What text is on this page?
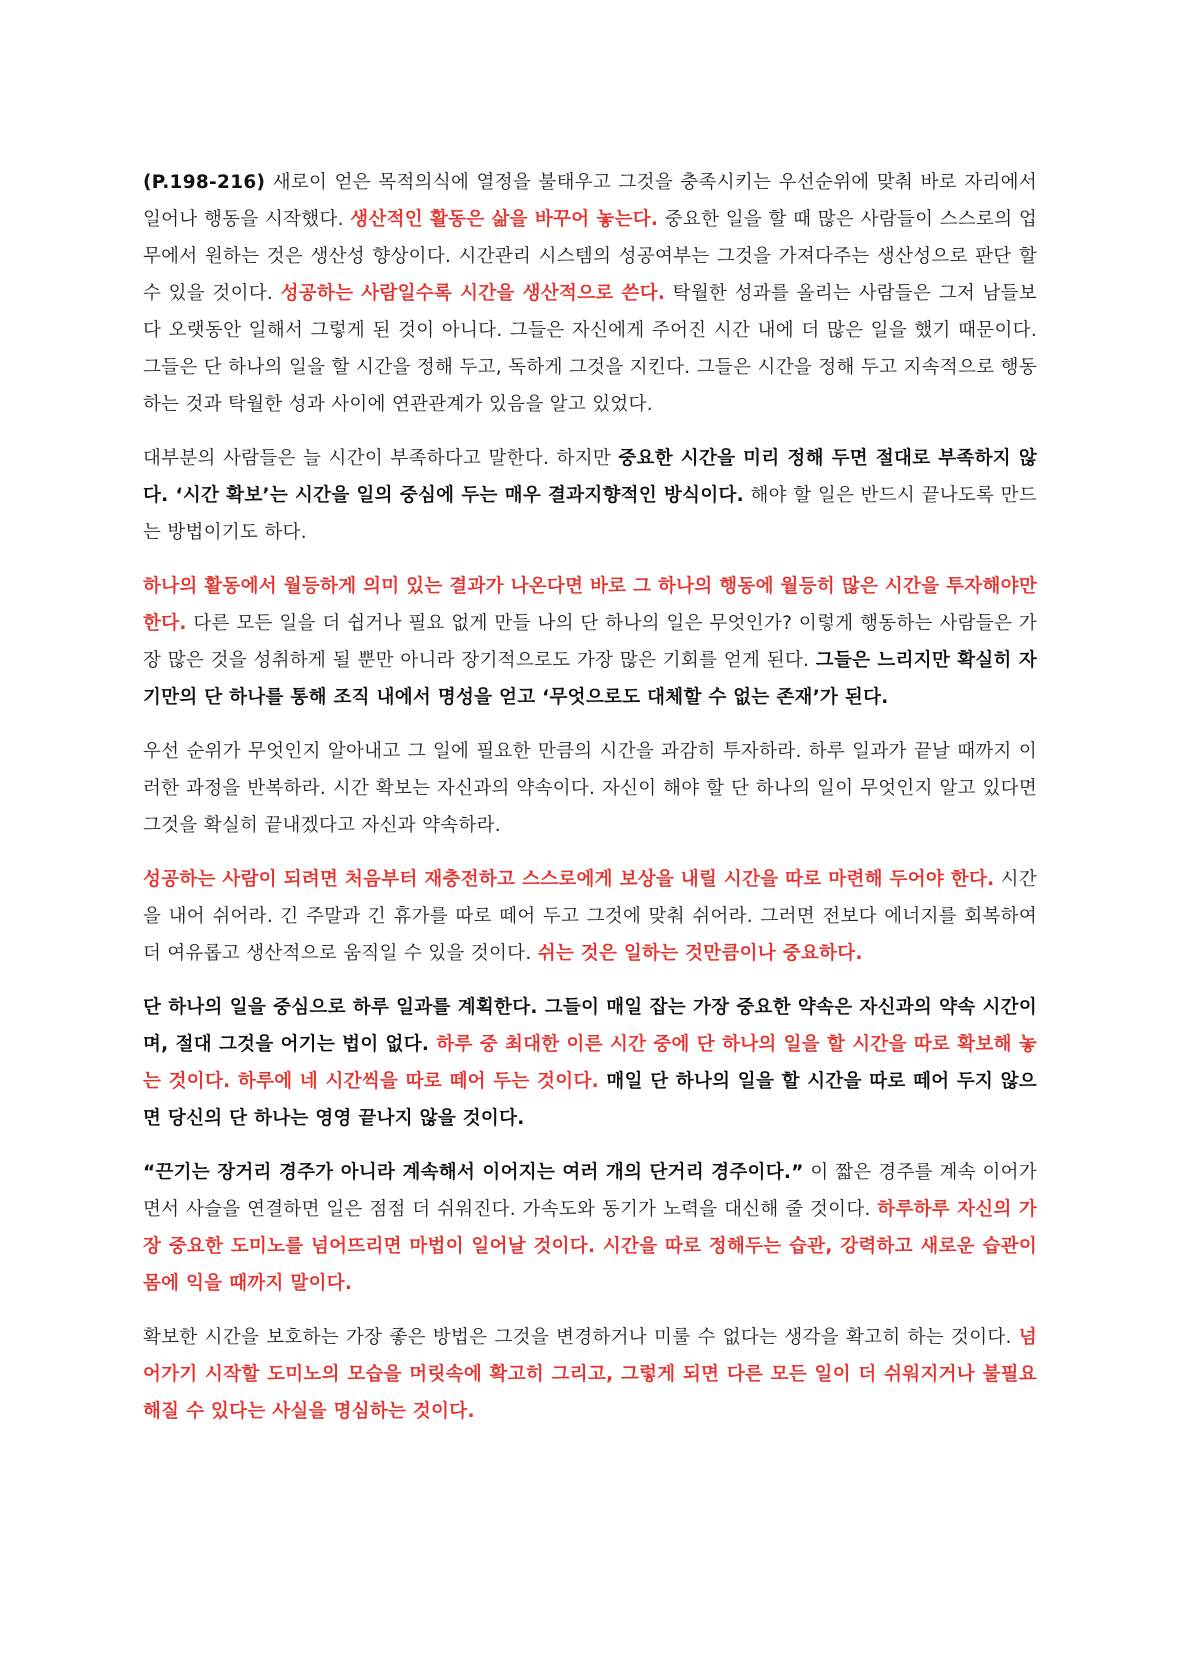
(P.198-216) 새로이 얻은 목적의식에 열정을 불태우고 그것을 충족시키는 우선순위에 맞춰 바로 자리에서 일어나 행동을 시작했다. 생산적인 활동은 삶을 바꾸어 놓는다. 중요한 일을 할 때 많은 사람들이 스스로의 업무에서 원하는 것은 생산성 향상이다. 시간관리 시스템의 성공여부는 그것을 가져다주는 생산성으로 판단 할 수 있을 것이다. 성공하는 사람일수록 시간을 생산적으로 쓴다. 탁월한 성과를 올리는 사람들은 그저 남들보다 오랫동안 일해서 그렇게 된 것이 아니다. 그들은 자신에게 주어진 시간 내에 더 많은 일을 했기 때문이다. 그들은 단 하나의 일을 할 시간을 정해 두고, 독하게 그것을 지킨다. 그들은 시간을 정해 두고 지속적으로 행동하는 것과 탁월한 성과 사이에 연관관계가 있음을 알고 있었다.

대부분의 사람들은 늘 시간이 부족하다고 말한다. 하지만 중요한 시간을 미리 정해 두면 절대로 부족하지 않다. ‘시간 확보’는 시간을 일의 중심에 두는 매우 결과지향적인 방식이다. 해야 할 일은 반드시 끝나도록 만드는 방법이기도 하다.

하나의 활동에서 월등하게 의미 있는 결과가 나온다면 바로 그 하나의 행동에 월등히 많은 시간을 투자해야만 한다. 다른 모든 일을 더 쉽거나 필요 없게 만들 나의 단 하나의 일은 무엇인가? 이렇게 행동하는 사람들은 가장 많은 것을 성취하게 될 뿐만 아니라 장기적으로도 가장 많은 기회를 얻게 된다. 그들은 느리지만 확실히 자기만의 단 하나를 통해 조직 내에서 명성을 얻고 ‘무엇으로도 대체할 수 없는 존재’가 된다.

우선 순위가 무엇인지 알아내고 그 일에 필요한 만큼의 시간을 과감히 투자하라. 하루 일과가 끝날 때까지 이러한 과정을 반복하라. 시간 확보는 자신과의 약속이다. 자신이 해야 할 단 하나의 일이 무엇인지 알고 있다면 그것을 확실히 끝내겠다고 자신과 약속하라.

성공하는 사람이 되려면 처음부터 재충전하고 스스로에게 보상을 내릴 시간을 따로 마련해 두어야 한다. 시간을 내어 쉬어라. 긴 주말과 긴 휴가를 따로 떼어 두고 그것에 맞춰 쉬어라. 그러면 전보다 에너지를 회복하여 더 여유롭고 생산적으로 움직일 수 있을 것이다. 쉬는 것은 일하는 것만큼이나 중요하다.

단 하나의 일을 중심으로 하루 일과를 계획한다. 그들이 매일 잡는 가장 중요한 약속은 자신과의 약속 시간이며, 절대 그것을 어기는 법이 없다. 하루 중 최대한 이른 시간 중에 단 하나의 일을 할 시간을 따로 확보해 놓는 것이다. 하루에 네 시간씩을 따로 떼어 두는 것이다. 매일 단 하나의 일을 할 시간을 따로 떼어 두지 않으면 당신의 단 하나는 영영 끝나지 않을 것이다.

“끈기는 장거리 경주가 아니라 계속해서 이어지는 여러 개의 단거리 경주이다.” 이 짧은 경주를 계속 이어가면서 사슬을 연결하면 일은 점점 더 쉬워진다. 가속도와 동기가 노력을 대신해 줄 것이다. 하루하루 자신의 가장 중요한 도미노를 넘어뜨리면 마법이 일어날 것이다. 시간을 따로 정해두는 습관, 강력하고 새로운 습관이 몸에 익을 때까지 말이다.

확보한 시간을 보호하는 가장 좋은 방법은 그것을 변경하거나 미룰 수 없다는 생각을 확고히 하는 것이다. 넘어가기 시작할 도미노의 모습을 머릿속에 확고히 그리고, 그렇게 되면 다른 모든 일이 더 쉬워지거나 불필요해질 수 있다는 사실을 명심하는 것이다.
